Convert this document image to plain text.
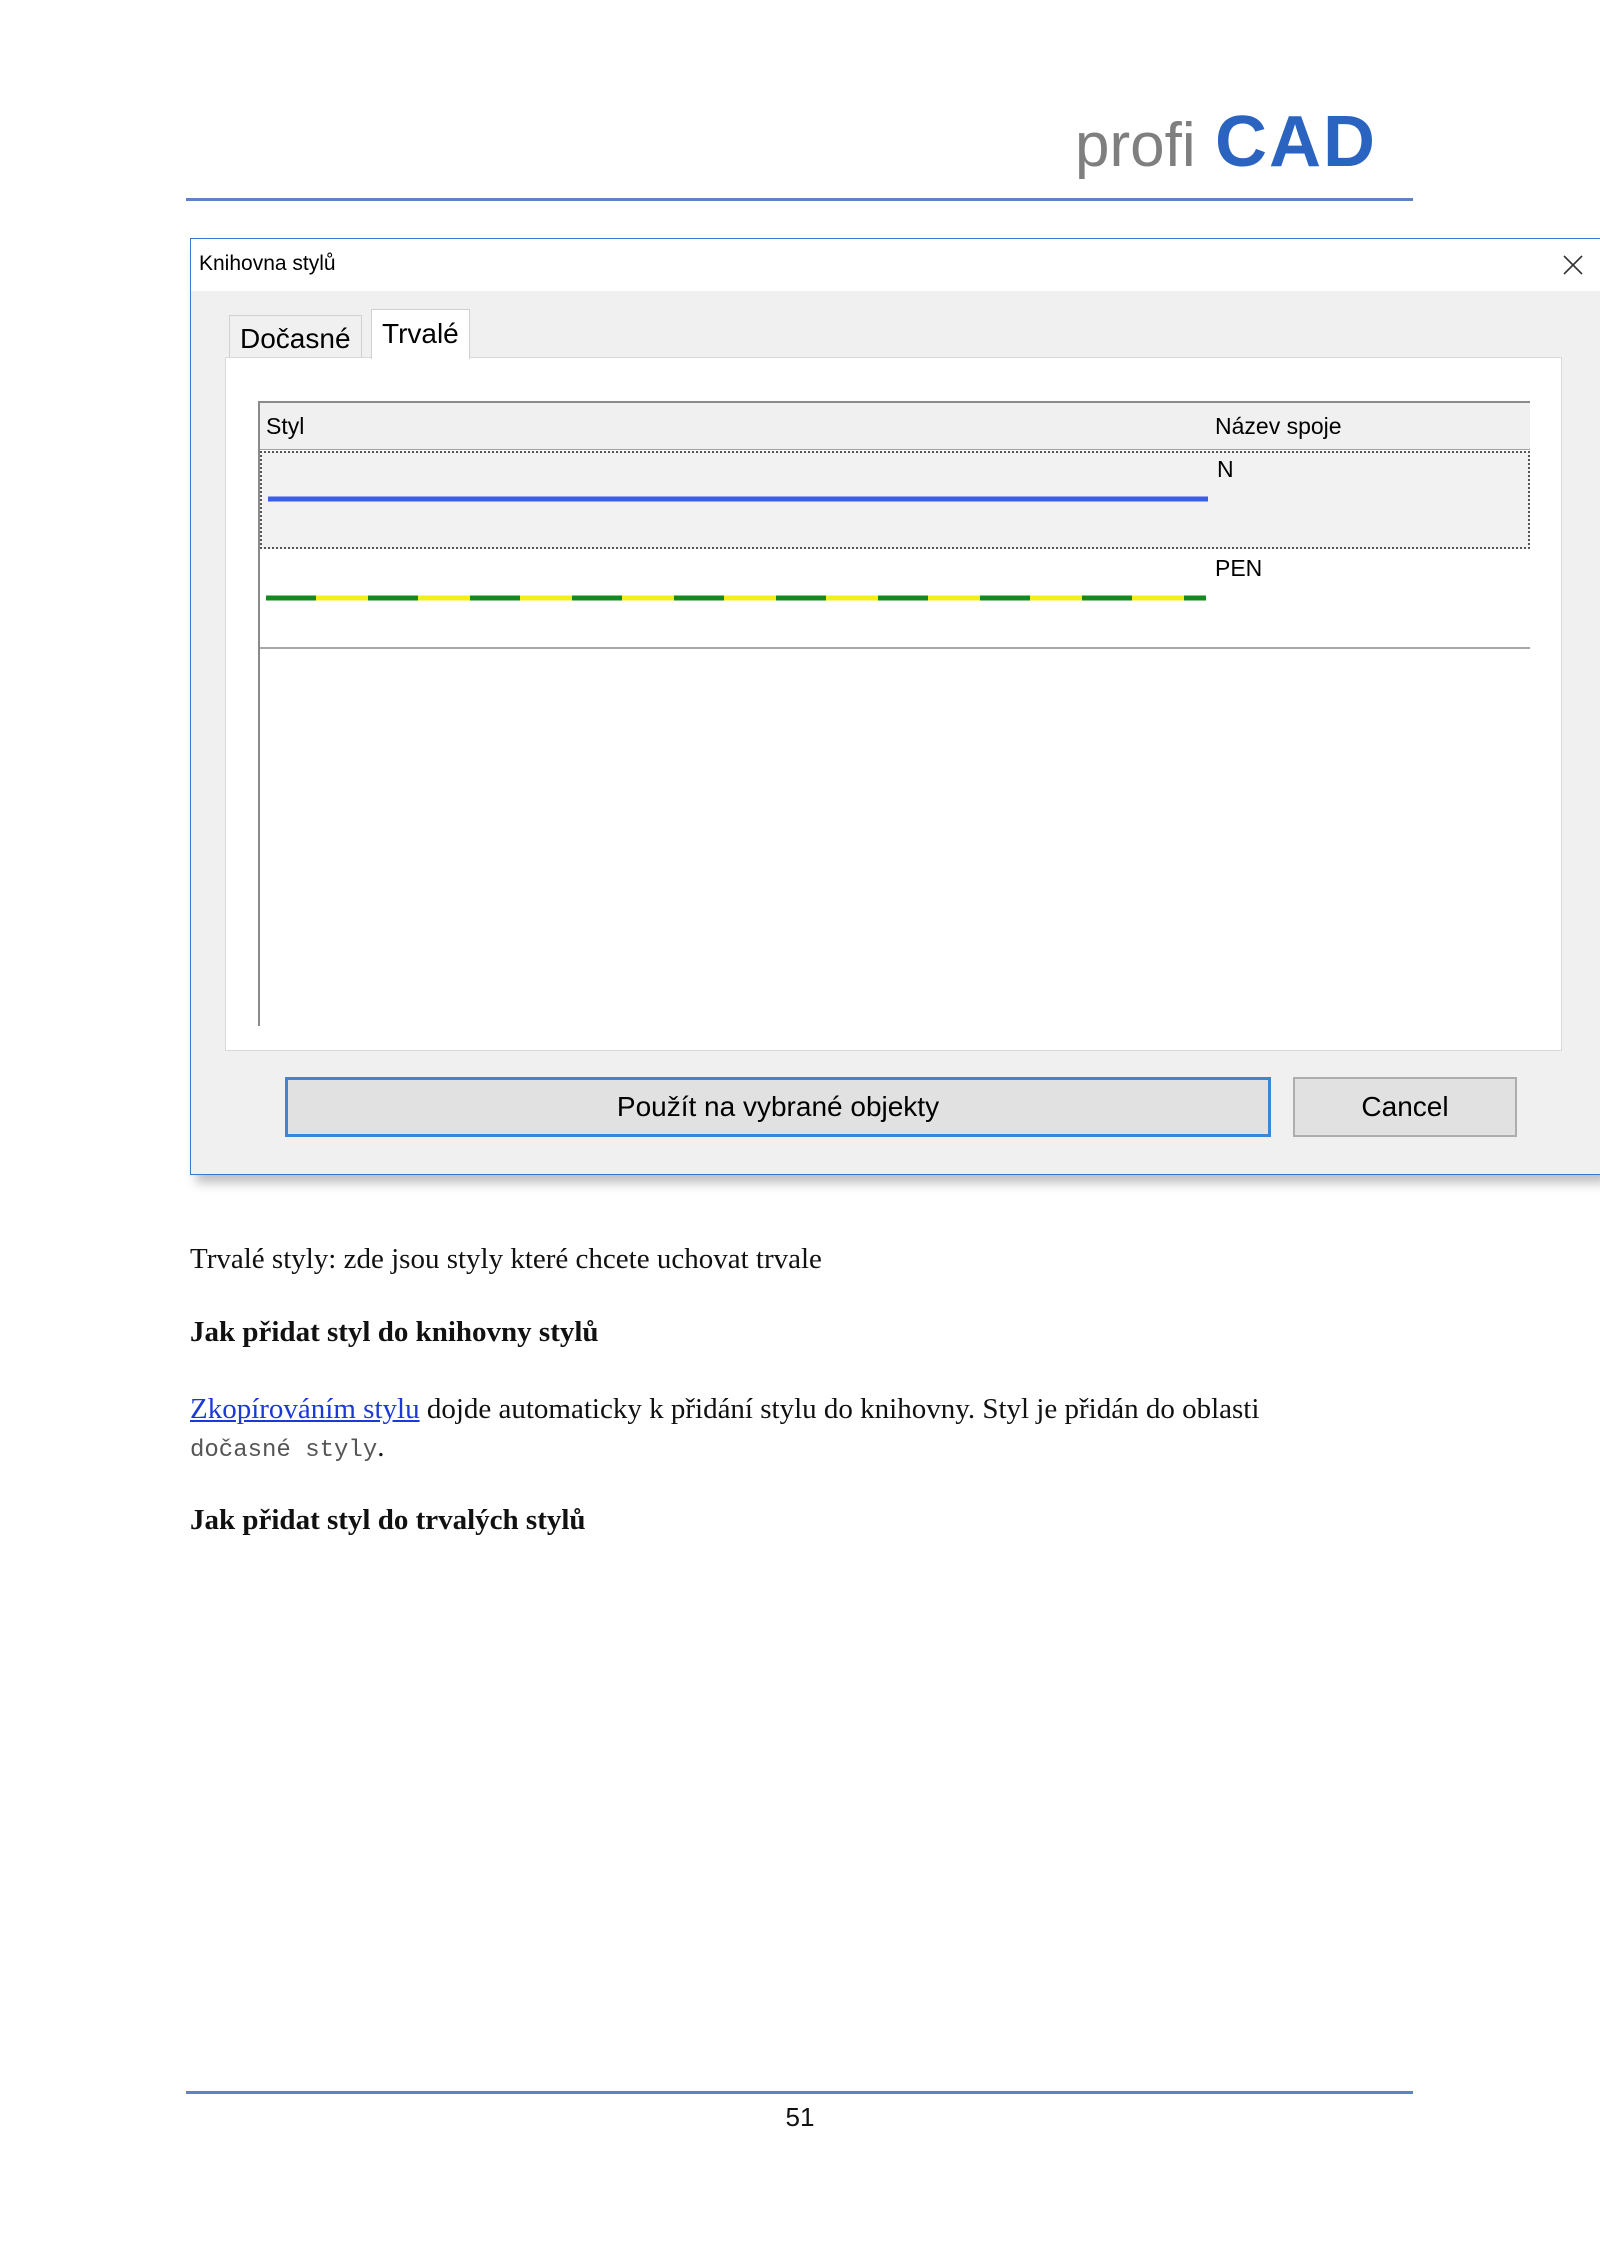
profi CAD
Knihovna stylů
Dočasné	Trvalé
Styl	Název spoje
N
PEN
Použít na vybrané objekty	Cancel
Trvalé styly: zde jsou styly které chcete uchovat trvale
Jak přidat styl do knihovny stylů
Zkopírováním stylu dojde automaticky k přidání stylu do knihovny. Styl je přidán do oblasti
dočasné styly.
Jak přidat styl do trvalých stylů
51
